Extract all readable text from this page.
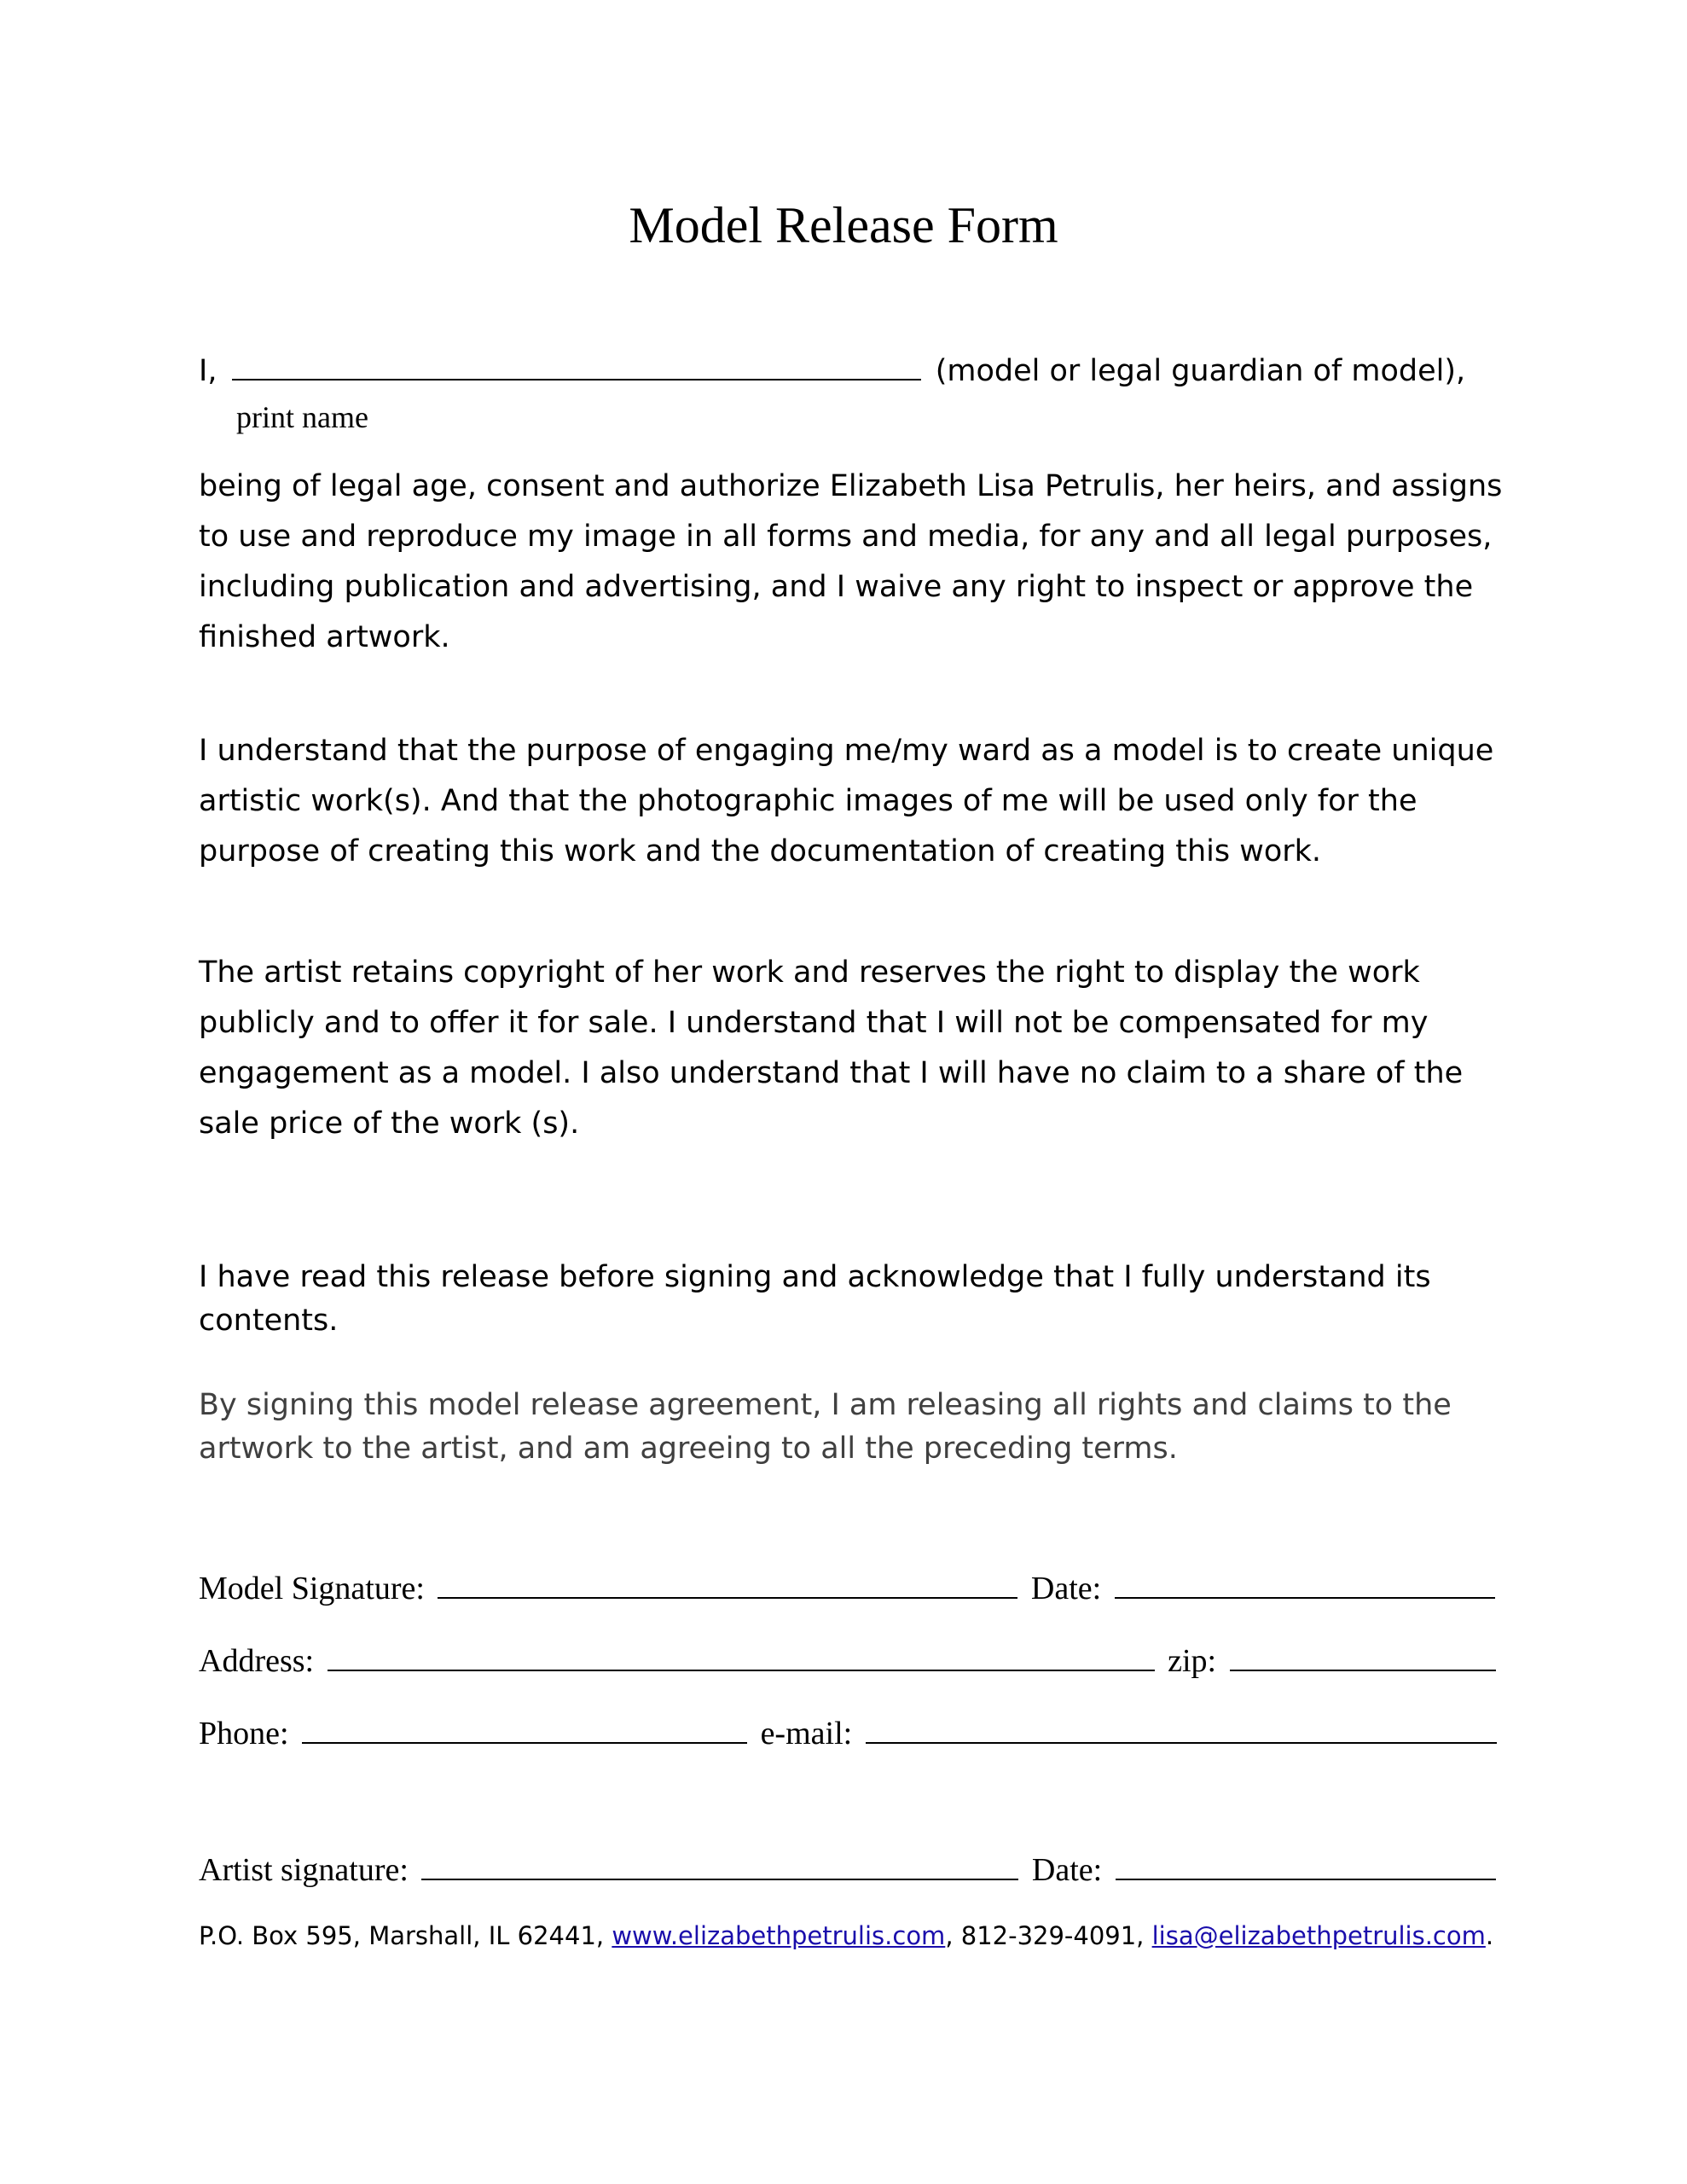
Model Release Form
I,	(model or legal guardian of model),
print name
being of legal age, consent and authorize Elizabeth Lisa Petrulis, her heirs, and assigns to use and reproduce my image in all forms and media, for any and all legal purposes, including publication and advertising, and I waive any right to inspect or approve the finished artwork.
I understand that the purpose of engaging me/my ward as a model is to create unique artistic work(s). And that the photographic images of me will be used only for the purpose of creating this work and the documentation of creating this work.
The artist retains copyright of her work and reserves the right to display the work publicly and to offer it for sale. I understand that I will not be compensated for my engagement as a model. I also understand that I will have no claim to a share of the sale price of the work (s).
I have read this release before signing and acknowledge that I fully understand its contents.
By signing this model release agreement, I am releasing all rights and claims to the artwork to the artist, and am agreeing to all the preceding terms.
Model Signature:	Date:
Address:	zip:
Phone:	e-mail:
Artist signature:	Date:
P.O. Box 595, Marshall, IL 62441, www.elizabethpetrulis.com, 812-329-4091, lisa@elizabethpetrulis.com.
